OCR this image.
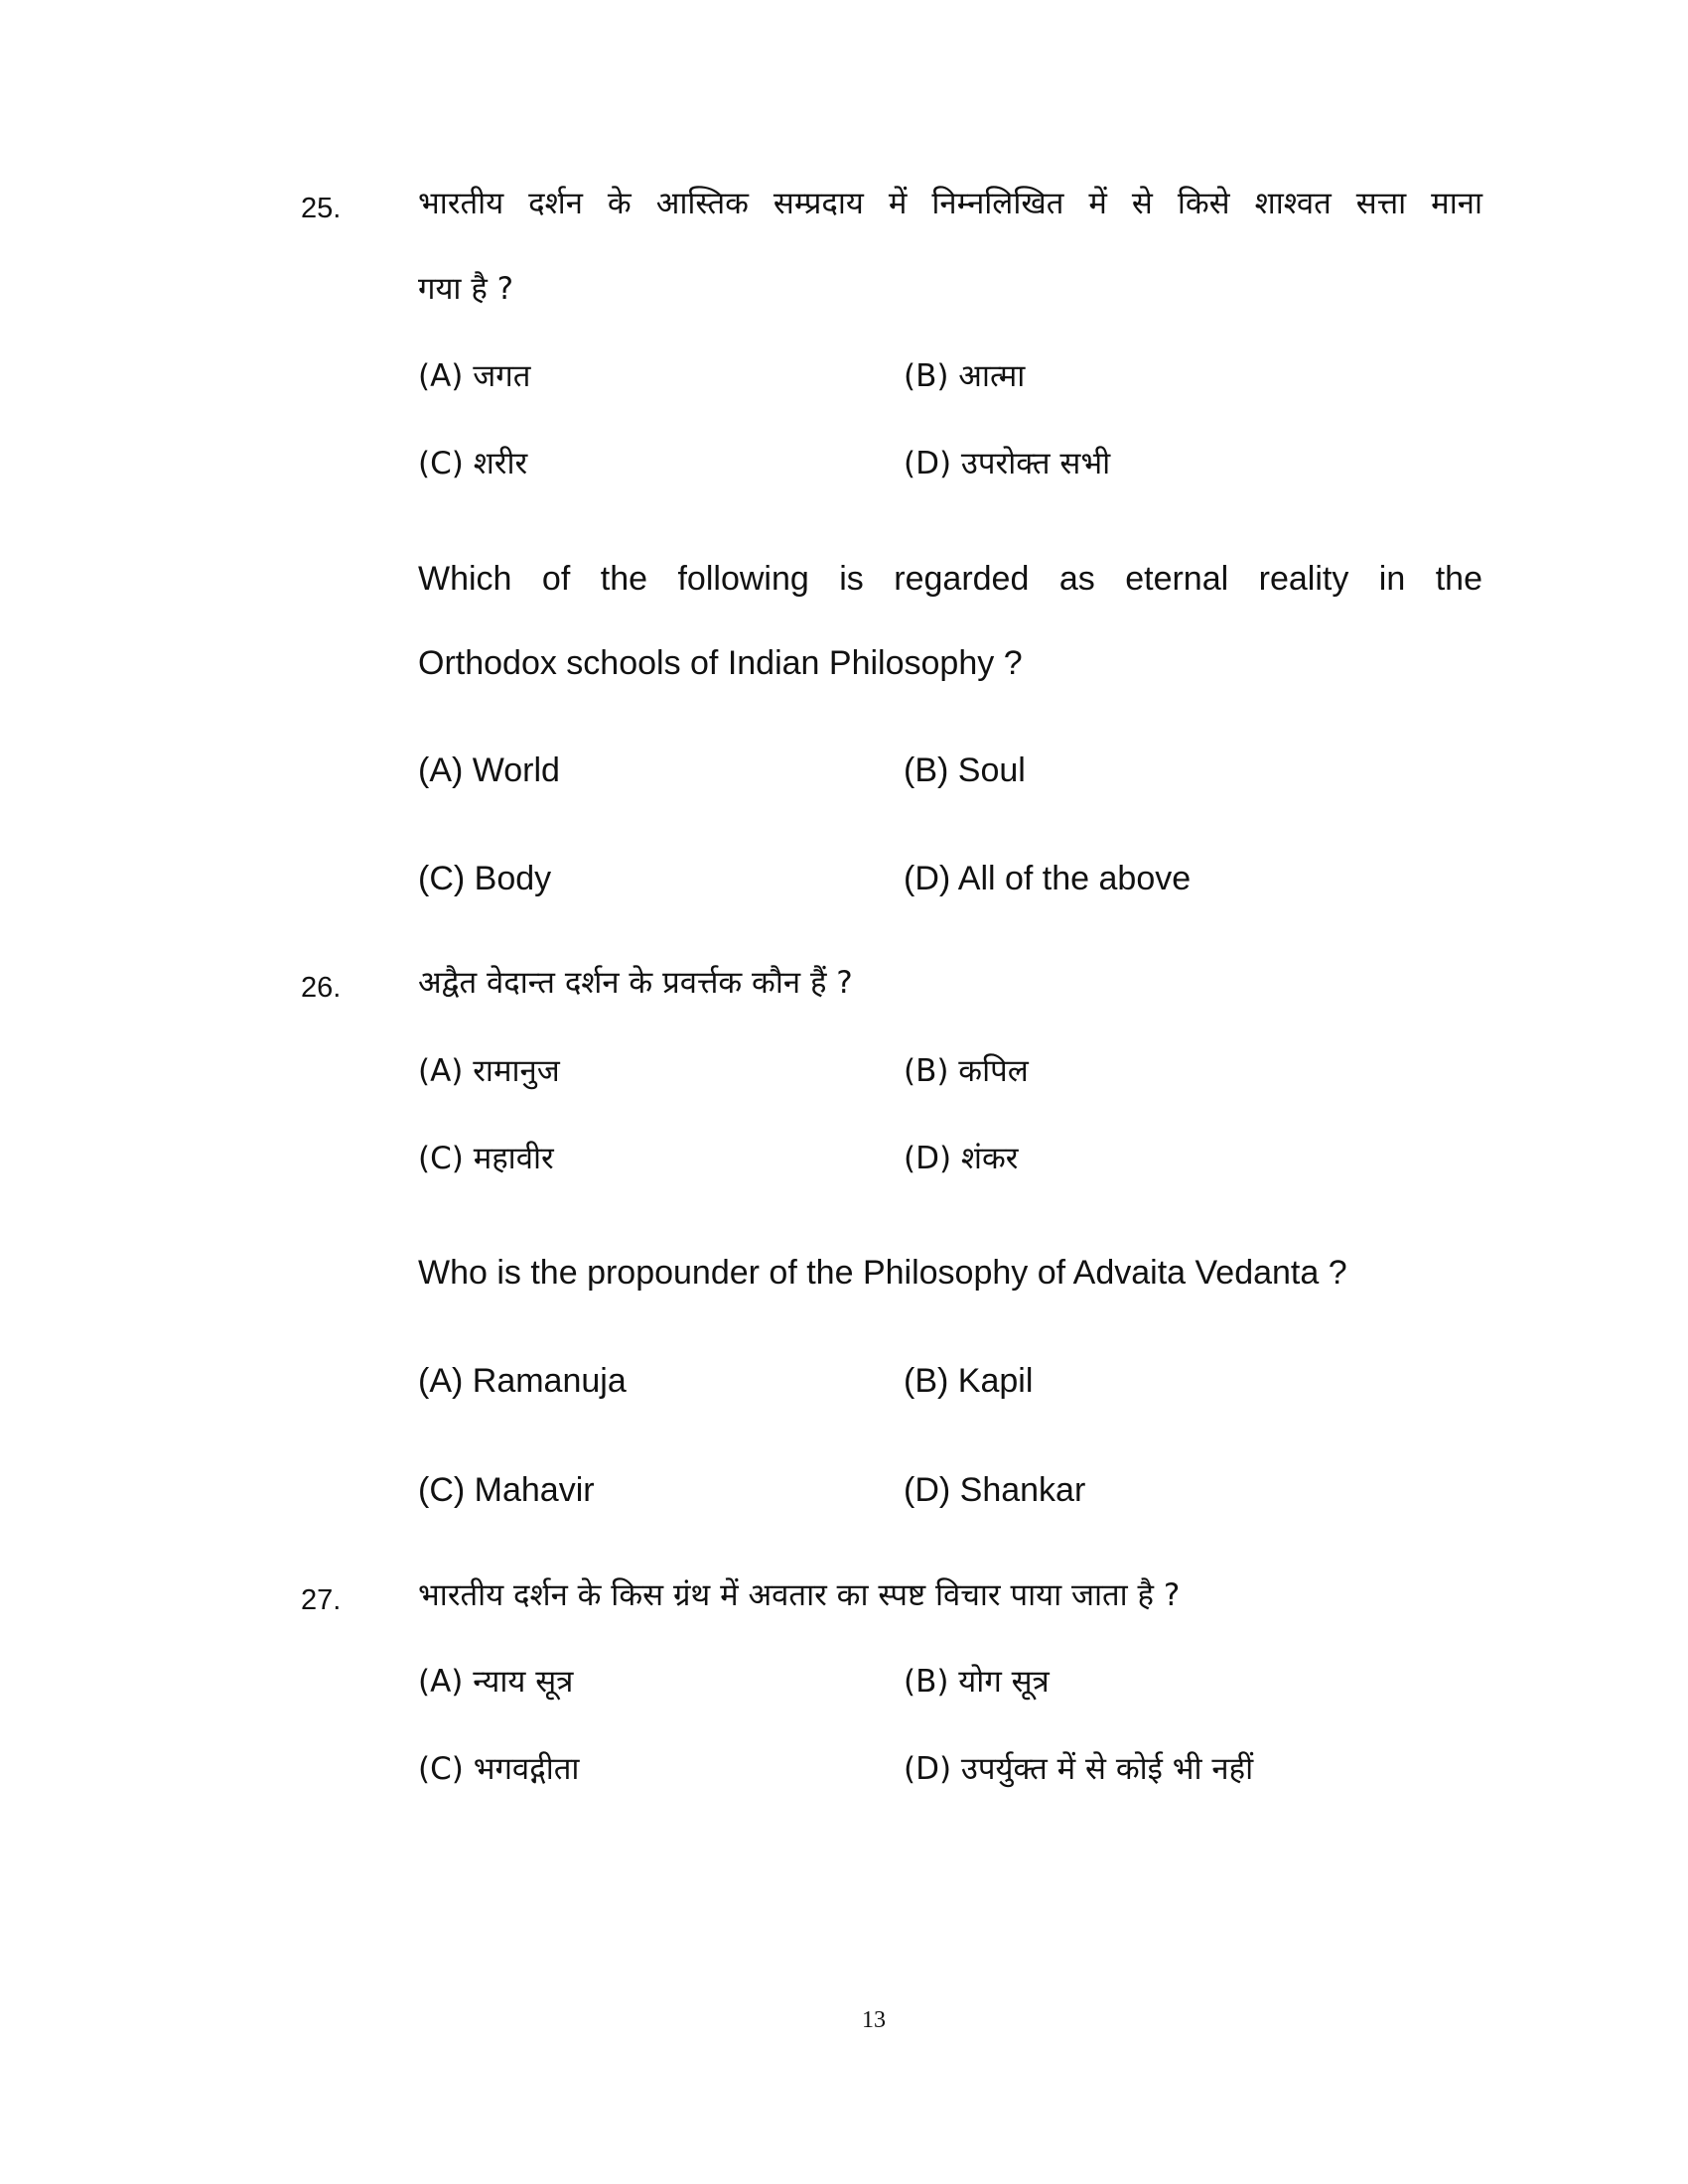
25.	भारतीय दर्शन के आस्तिक सम्प्रदाय में निम्नलिखित में से किसे शाश्वत सत्ता माना
गया है ?
(A) जगत	(B) आत्मा
(C) शरीर	(D) उपरोक्त सभी
Which of the following is regarded as eternal reality in the
Orthodox schools of Indian Philosophy ?
(A) World	(B) Soul
(C) Body	(D) All of the above
26.	अद्वैत वेदान्त दर्शन के प्रवर्त्तक कौन हैं ?
(A) रामानुज	(B) कपिल
(C) महावीर	(D) शंकर
Who is the propounder of the Philosophy of Advaita Vedanta ?
(A) Ramanuja	(B) Kapil
(C) Mahavir	(D) Shankar
27.	भारतीय दर्शन के किस ग्रंथ में अवतार का स्पष्ट विचार पाया जाता है ?
(A) न्याय सूत्र	(B) योग सूत्र
(C) भगवद्गीता	(D) उपर्युक्त में से कोई भी नहीं
13
